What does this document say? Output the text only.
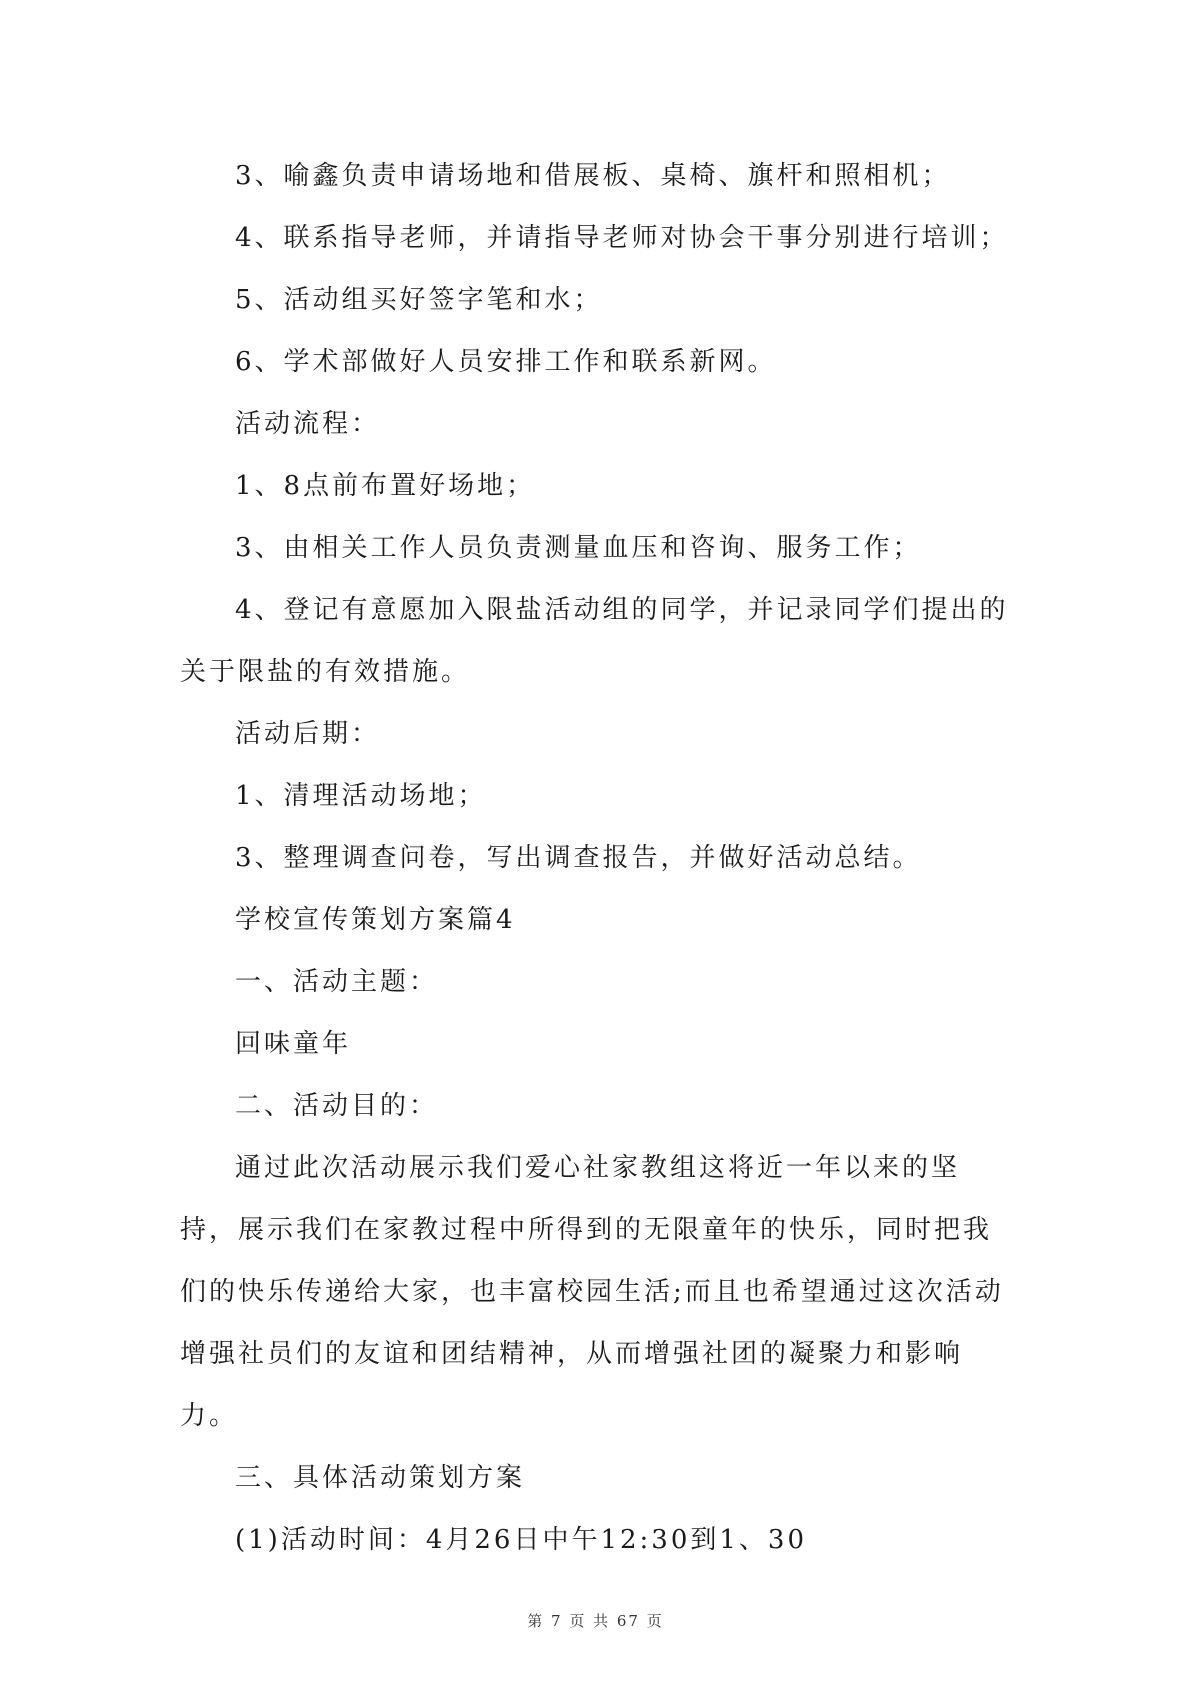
3、喻鑫负责申请场地和借展板、桌椅、旗杆和照相机；

4、联系指导老师，并请指导老师对协会干事分别进行培训；

5、活动组买好签字笔和水；

6、学术部做好人员安排工作和联系新网。

活动流程：

1、8点前布置好场地；

3、由相关工作人员负责测量血压和咨询、服务工作；

4、登记有意愿加入限盐活动组的同学，并记录同学们提出的关于限盐的有效措施。

活动后期：

1、清理活动场地；

3、整理调查问卷，写出调查报告，并做好活动总结。

学校宣传策划方案篇4

一、活动主题：

回味童年

二、活动目的：

通过此次活动展示我们爱心社家教组这将近一年以来的坚持，展示我们在家教过程中所得到的无限童年的快乐，同时把我们的快乐传递给大家，也丰富校园生活;而且也希望通过这次活动增强社员们的友谊和团结精神，从而增强社团的凝聚力和影响力。

三、具体活动策划方案

(1)活动时间：4月26日中午12:30到1、30

第 7 页 共 67 页
